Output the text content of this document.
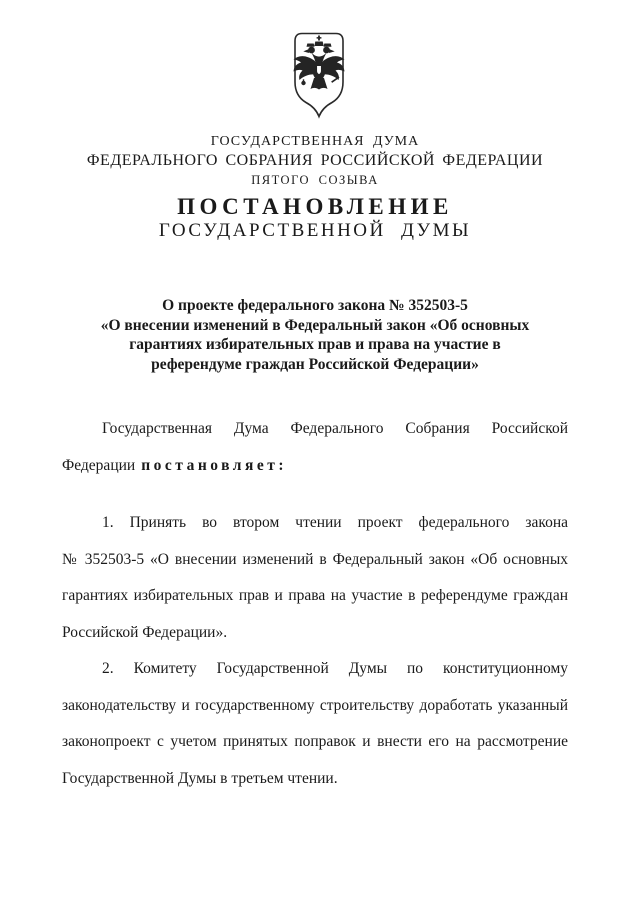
ГОСУДАРСТВЕННАЯ ДУМА
ФЕДЕРАЛЬНОГО СОБРАНИЯ РОССИЙСКОЙ ФЕДЕРАЦИИ
ПЯТОГО СОЗЫВА
ПОСТАНОВЛЕНИЕ
ГОСУДАРСТВЕННОЙ ДУМЫ
О проекте федерального закона № 352503-5
«О внесении изменений в Федеральный закон «Об основных
гарантиях избирательных прав и права на участие в
референдуме граждан Российской Федерации»
Государственная Дума Федерального Собрания Российской
Федерации постановляет:
1. Принять во втором чтении проект федерального закона
№ 352503-5 «О внесении изменений в Федеральный закон «Об основных
гарантиях избирательных прав и права на участие в референдуме граждан
Российской Федерации».
2. Комитету Государственной Думы по конституционному
законодательству и государственному строительству доработать указанный
законопроект с учетом принятых поправок и внести его на рассмотрение
Государственной Думы в третьем чтении.
